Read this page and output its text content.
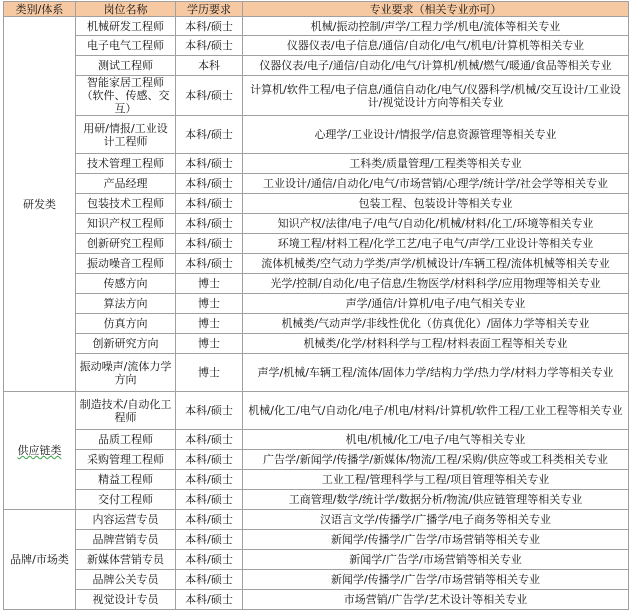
类别/体系	岗位名称	学历要求	专业要求（相关专业亦可）
研发类	机械研发工程师	本科/硕士	机械/振动控制/声学/工程力学/机电/流体等相关专业
	电子电气工程师	本科/硕士	仪器仪表/电子信息/通信/自动化/电气/机电/计算机等相关专业
	测试工程师	本科	仪器仪表/电子/通信/自动化/电气/计算机/机械/燃气/暖通/食品等相关专业
	智能家居工程师（软件、传感、交互）	本科/硕士	计算机/软件工程/电子信息/通信自动化/电气/仪器科学/机械/交互设计/工业设计/视觉设计方向等相关专业
	用研/情报/工业设计工程师	本科/硕士	心理学/工业设计/情报学/信息资源管理等相关专业
	技术管理工程师	本科/硕士	工科类/质量管理/工程类等相关专业
	产品经理	本科/硕士	工业设计/通信/自动化/电气/市场营销/心理学/统计学/社会学等相关专业
	包装技术工程师	本科/硕士	包装工程、包装设计等相关专业
	知识产权工程师	本科/硕士	知识产权/法律/电子/电气/自动化/机械/材料/化工/环境等相关专业
	创新研究工程师	本科/硕士	环境工程/材料工程/化学工艺/电子电气/声学/工业设计等相关专业
	振动噪音工程师	本科/硕士	流体机械类/空气动力学类/声学/机械设计/车辆工程/流体机械等相关专业
	传感方向	博士	光学/控制/自动化/电子信息/生物医学/材料科学/应用物理等相关专业
	算法方向	博士	声学/通信/计算机/电子/电气相关专业
	仿真方向	博士	机械类/气动声学/非线性优化（仿真优化）/固体力学等相关专业
	创新研究方向	博士	机械类/化学/材料科学与工程/材料表面工程等相关专业
	振动噪声/流体力学方向	博士	声学/机械/车辆工程/流体/固体力学/结构力学/热力学/材料力学等相关专业
供应链类	制造技术/自动化工程师	本科/硕士	机械/化工/电气/自动化/电子/机电/材料/计算机/软件工程/工业工程等相关专业
	品质工程师	本科/硕士	机电/机械/化工/电子/电气等相关专业
	采购管理工程师	本科/硕士	广告学/新闻学/传播学/新媒体/物流/工程/采购/供应等或工科类相关专业
	精益工程师	本科/硕士	工业工程/管理科学与工程/项目管理等相关专业
	交付工程师	本科/硕士	工商管理/数学/统计学/数据分析/物流/供应链管理等相关专业
品牌/市场类	内容运营专员	本科/硕士	汉语言文学/传播学/广播学/电子商务等相关专业
	品牌营销专员	本科/硕士	新闻学/传播学/广告学/市场营销等相关专业
	新媒体营销专员	本科/硕士	新闻学/广告学/市场营销等相关专业
	品牌公关专员	本科/硕士	新闻学/传播学/广告学/市场营销等相关专业
	视觉设计专员	本科/硕士	市场营销/广告学/艺术设计等相关专业
